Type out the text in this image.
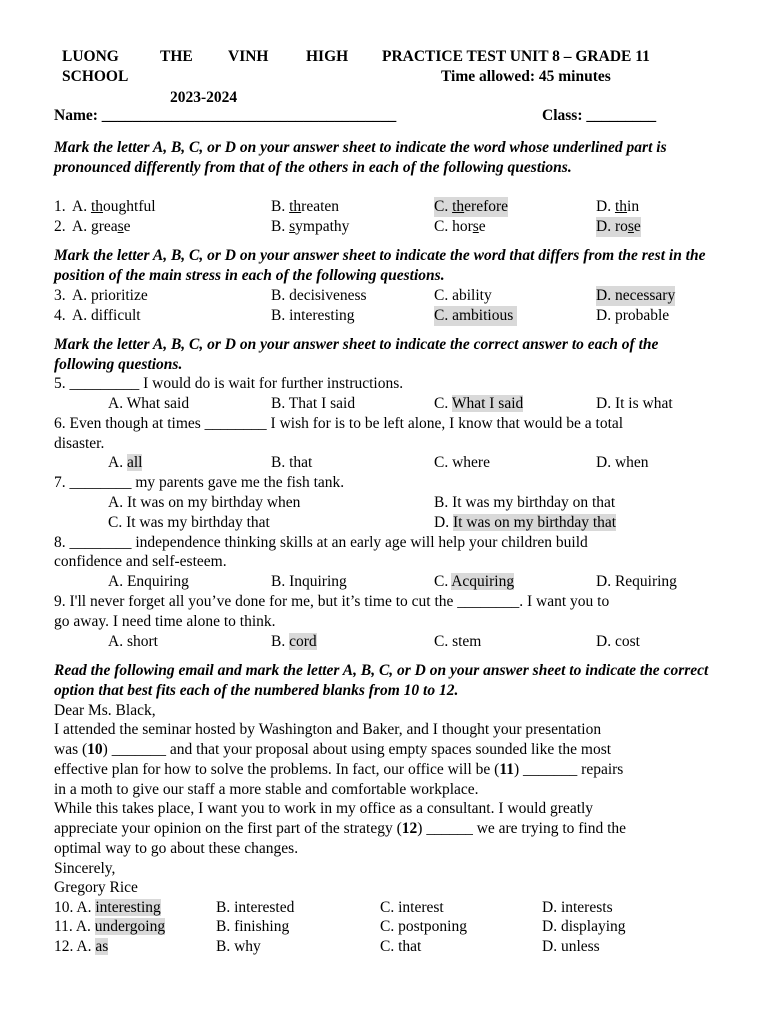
LUONG	THE VINH HIGH
SCHOOL
2023-2024
PRACTICE TEST UNIT 8 – GRADE 11
Time allowed: 45 minutes
Name: ______________________________________	Class: _________
Mark the letter A, B, C, or D on your answer sheet to indicate the word whose underlined part is pronounced differently from that of the others in each of the following questions.
1. A. thoughtful	B. threaten	C. therefore	D. thin
2. A. grease	B. sympathy	C. horse	D. rose
Mark the letter A, B, C, or D on your answer sheet to indicate the word that differs from the rest in the position of the main stress in each of the following questions.
3. A. prioritize	B. decisiveness	C. ability	D. necessary
4. A. difficult	B. interesting	C. ambitious	D. probable
Mark the letter A, B, C, or D on your answer sheet to indicate the correct answer to each of the following questions.
5. _________ I would do is wait for further instructions.
A. What said	B. That I said	C. What I said	D. It is what
6. Even though at times ________ I wish for is to be left alone, I know that would be a total
disaster.
A. all	B. that	C. where	D. when
7. ________ my parents gave me the fish tank.
A. It was on my birthday when	B. It was my birthday on that
C. It was my birthday that	D. It was on my birthday that
8. ________ independence thinking skills at an early age will help your children build
confidence and self-esteem.
A. Enquiring	B. Inquiring	C. Acquiring	D. Requiring
9. I'll never forget all you’ve done for me, but it’s time to cut the ________. I want you to
go away. I need time alone to think.
A. short	B. cord	C. stem	D. cost
Read the following email and mark the letter A, B, C, or D on your answer sheet to indicate the correct option that best fits each of the numbered blanks from 10 to 12.
Dear Ms. Black,
I attended the seminar hosted by Washington and Baker, and I thought your presentation
was (10) _______ and that your proposal about using empty spaces sounded like the most
effective plan for how to solve the problems. In fact, our office will be (11) _______ repairs
in a moth to give our staff a more stable and comfortable workplace.
While this takes place, I want you to work in my office as a consultant. I would greatly
appreciate your opinion on the first part of the strategy (12) ______ we are trying to find the
optimal way to go about these changes.
Sincerely,
Gregory Rice
10. A. interesting	B. interested	C. interest	D. interests
11. A. undergoing	B. finishing	C. postponing	D. displaying
12. A. as	B. why	C. that	D. unless
